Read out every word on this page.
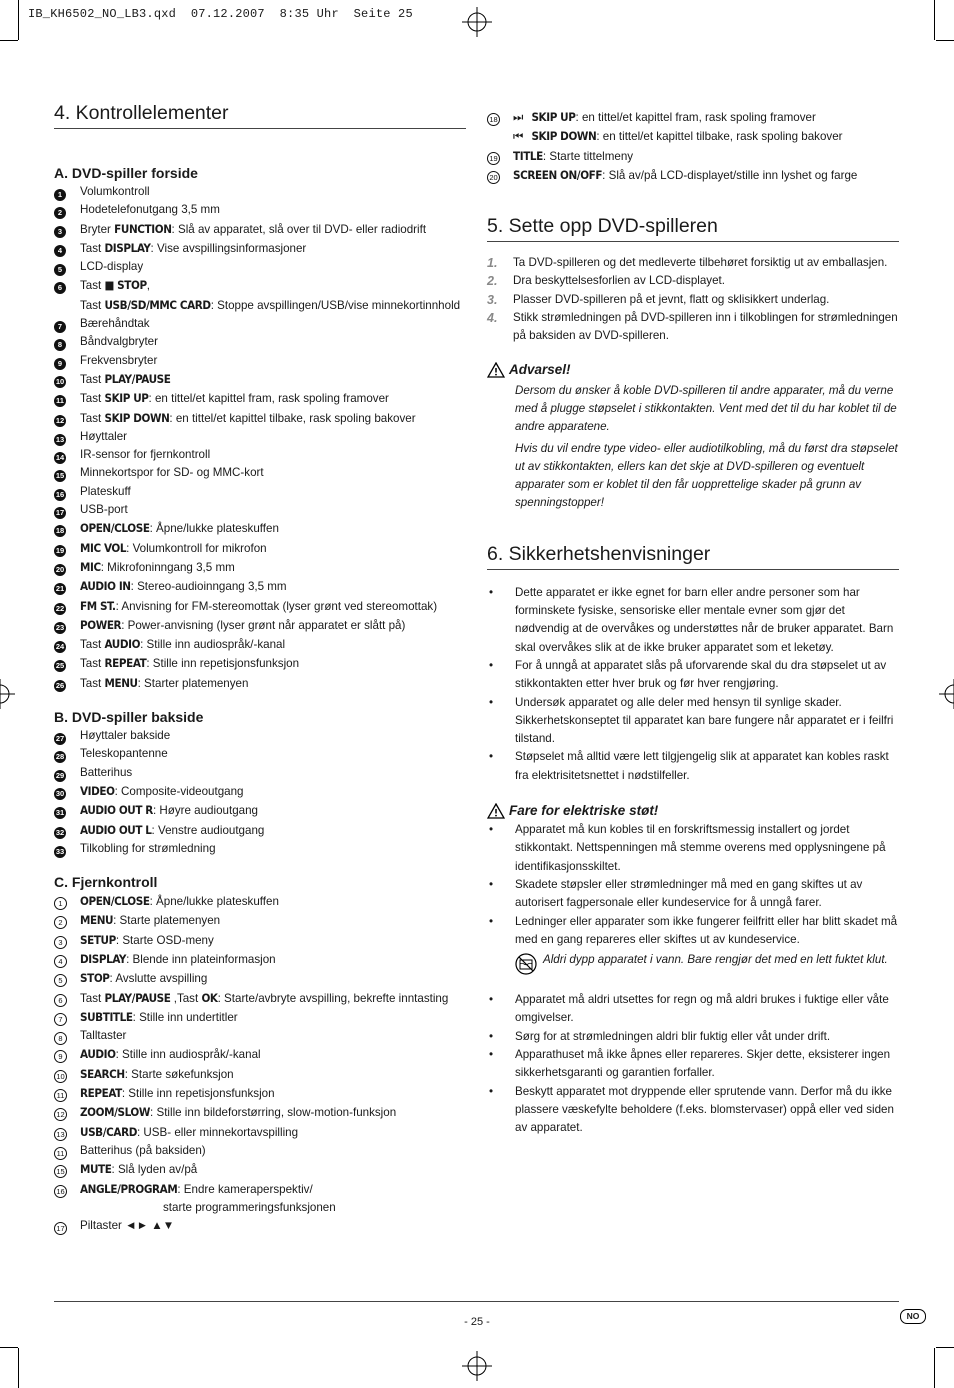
IB_KH6502_NO_LB3.qxd  07.12.2007  8:35 Uhr  Seite 25
4. Kontrollelementer
A. DVD-spiller forside
1	Volumkontroll
2	Hodetelefonutgang 3,5 mm
3	Bryter FUNCTION: Slå av apparatet, slå over til DVD- eller radiodrift
4	Tast DISPLAY: Vise avspillingsinformasjoner
5	LCD-display
6	Tast ■ STOP,
Tast USB/SD/MMC CARD: Stoppe avspillingen/USB/vise minnekortinnhold
7	Bærehåndtak
8	Båndvalgbryter
9	Frekvensbryter
10	Tast PLAY/PAUSE
11	Tast SKIP UP: en tittel/et kapittel fram, rask spoling framover
12	Tast SKIP DOWN: en tittel/et kapittel tilbake, rask spoling bakover
13	Høyttaler
14	IR-sensor for fjernkontroll
15	Minnekortspor for SD- og MMC-kort
16	Plateskuff
17	USB-port
18	OPEN/CLOSE: Åpne/lukke plateskuffen
19	MIC VOL: Volumkontroll for mikrofon
20	MIC: Mikrofoninngang 3,5 mm
21	AUDIO IN: Stereo-audioinngang 3,5 mm
22	FM ST.: Anvisning for FM-stereomottak (lyser grønt ved stereomottak)
23	POWER: Power-anvisning (lyser grønt når apparatet er slått på)
24	Tast AUDIO: Stille inn audiospråk/-kanal
25	Tast REPEAT: Stille inn repetisjonsfunksjon
26	Tast MENU: Starter platemenyen
B. DVD-spiller bakside
27	Høyttaler bakside
28	Teleskopantenne
29	Batterihus
30	VIDEO: Composite-videoutgang
31	AUDIO OUT R: Høyre audioutgang
32	AUDIO OUT L: Venstre audioutgang
33	Tilkobling for strømledning
C. Fjernkontroll
1	OPEN/CLOSE: Åpne/lukke plateskuffen
2	MENU: Starte platemenyen
3	SETUP: Starte OSD-meny
4	DISPLAY: Blende inn plateinformasjon
5	STOP: Avslutte avspilling
6	Tast PLAY/PAUSE ,Tast OK: Starte/avbryte avspilling, bekrefte inntasting
7	SUBTITLE: Stille inn undertitler
8	Talltaster
9	AUDIO: Stille inn audiospråk/-kanal
10	SEARCH: Starte søkefunksjon
11	REPEAT: Stille inn repetisjonsfunksjon
12	ZOOM/SLOW: Stille inn bildeforstørring, slow-motion-funksjon
13	USB/CARD: USB- eller minnekortavspilling
11	Batterihus (på baksiden)
15	MUTE: Slå lyden av/på
16	ANGLE/PROGRAM: Endre kameraperspektiv/
starte programmeringsfunksjonen
17	Piltaster ◄► ▲▼
18	⏭ SKIP UP: en tittel/et kapittel fram, rask spoling framover
⏮ SKIP DOWN: en tittel/et kapittel tilbake, rask spoling bakover
19	TITLE: Starte tittelmeny
20	SCREEN ON/OFF: Slå av/på LCD-displayet/stille inn lyshet og farge
5. Sette opp DVD-spilleren
1.	Ta DVD-spilleren og det medleverte tilbehøret forsiktig ut av emballasjen.
2.	Dra beskyttelsesforlien av LCD-displayet.
3.	Plasser DVD-spilleren på et jevnt, flatt og sklisikkert underlag.
4.	Stikk strømledningen på DVD-spilleren inn i tilkoblingen for strømledningen på baksiden av DVD-spilleren.
Advarsel!
Dersom du ønsker å koble DVD-spilleren til andre apparater, må du verne med å plugge støpselet i stikkontakten. Vent med det til du har koblet til de andre apparatene.
Hvis du vil endre type video- eller audiotilkobling, må du først dra støpselet ut av stikkontakten, ellers kan det skje at DVD-spilleren og eventuelt apparater som er koblet til den får uopprettelige skader på grunn av spenningstopper!
6. Sikkerhetshenvisninger
•	Dette apparatet er ikke egnet for barn eller andre personer som har forminskete fysiske, sensoriske eller mentale evner som gjør det nødvendig at de overvåkes og understøttes når de bruker apparatet. Barn skal overvåkes slik at de ikke bruker apparatet som et leketøy.
•	For å unngå at apparatet slås på uforvarende skal du dra støpselet ut av stikkontakten etter hver bruk og før hver rengjøring.
•	Undersøk apparatet og alle deler med hensyn til synlige skader. Sikkerhetskonseptet til apparatet kan bare fungere når apparatet er i feilfri tilstand.
•	Støpselet må alltid være lett tilgjengelig slik at apparatet kan kobles raskt fra elektrisitetsnettet i nødstilfeller.
Fare for elektriske støt!
•	Apparatet må kun kobles til en forskriftsmessig installert og jordet stikkontakt. Nettspenningen må stemme overens med opplysningene på identifikasjonsskiltet.
•	Skadete støpsler eller strømledninger må med en gang skiftes ut av autorisert fagpersonale eller kundeservice for å unngå farer.
•	Ledninger eller apparater som ikke fungerer feilfritt eller har blitt skadet må med en gang repareres eller skiftes ut av kundeservice.
Aldri dypp apparatet i vann. Bare rengjør det med en lett fuktet klut.
•	Apparatet må aldri utsettes for regn og må aldri brukes i fuktige eller våte omgivelser.
•	Sørg for at strømledningen aldri blir fuktig eller våt under drift.
•	Apparathuset må ikke åpnes eller repareres. Skjer dette, eksisterer ingen sikkerhetsgaranti og garantien forfaller.
•	Beskytt apparatet mot dryppende eller sprutende vann. Derfor må du ikke plassere væskefylte beholdere (f.eks. blomstervaser) oppå eller ved siden av apparatet.
- 25 -	NO
